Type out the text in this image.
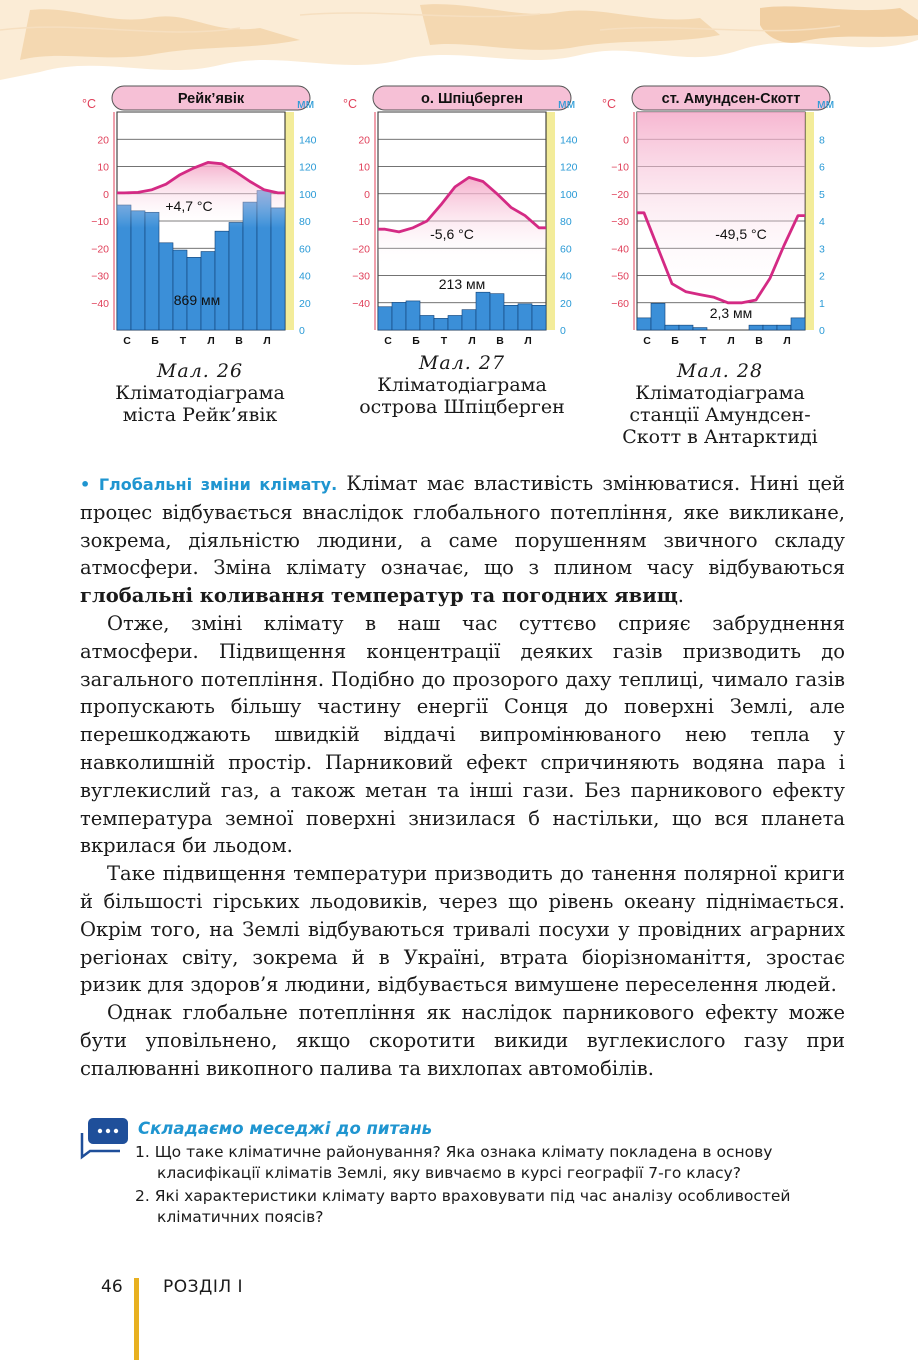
Рейк’явік
°C	мм
20
10
0
−10
−20
−30
−40
140
120
100
80
60
40
20
0
С Б Т Л В Л
+4,7 °C
869 мм
о. Шпіцберген
°C	мм
20
10
0
−10
−20
−30
−40
140
120
100
80
60
40
20
0
С Б Т Л В Л
-5,6 °C
213 мм
ст. Амундсен-Скотт
°C	мм
0
−10
−20
−30
−40
−50
−60
8
6
5
4
3
2
1
0
С Б Т Л В Л
-49,5 °C
2,3 мм
Мал. 26
Кліматодіаграма
міста Рейк’явік
Мал. 27
Кліматодіаграма
острова Шпіцберген
Мал. 28
Кліматодіаграма
станції Амундсен-
Скотт в Антарктиді

• Глобальні зміни клімату. Клімат має властивість змінюватися. Нині цей процес відбувається внаслідок глобального потепління, яке викликане, зокрема, діяльністю людини, а саме порушенням звичного складу атмосфери. Зміна клімату означає, що з плином часу відбуваються глобальні коливання температур та погодних явищ.

Отже, зміні клімату в наш час суттєво сприяє забруднення атмосфери. Підвищення концентрації деяких газів призводить до загального потепління. Подібно до прозорого даху теплиці, чимало газів пропускають більшу частину енергії Сонця до поверхні Землі, але перешкоджають швидкій віддачі випромінюваного нею тепла у навколишній простір. Парниковий ефект спричиняють водяна пара і вуглекислий газ, а також метан та інші гази. Без парникового ефекту температура земної поверхні знизилася б настільки, що вся планета вкрилася би льодом.

Таке підвищення температури призводить до танення полярної криги й більшості гірських льодовиків, через що рівень океану піднімається. Окрім того, на Землі відбуваються тривалі посухи у провідних аграрних регіонах світу, зокрема й в Україні, втрата біорізноманіття, зростає ризик для здоров’я людини, відбувається вимушене переселення людей.

Однак глобальне потепління як наслідок парникового ефекту може бути уповільнено, якщо скоротити викиди вуглекислого газу при спалюванні викопного палива та вихлопах автомобілів.

Складаємо меседжі до питань
1. Що таке кліматичне районування? Яка ознака клімату покладена в основу класифікації кліматів Землі, яку вивчаємо в курсі географії 7-го класу?
2. Які характеристики клімату варто враховувати під час аналізу особливостей кліматичних поясів?
46 РОЗДІЛ І
